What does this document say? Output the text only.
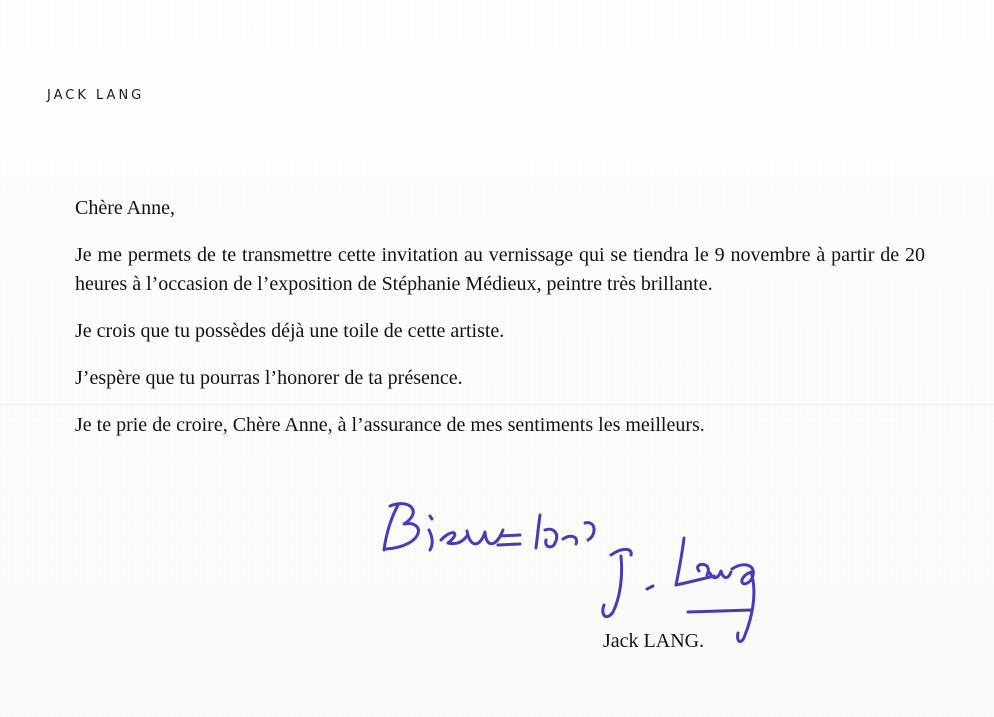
JACK LANG

Chère Anne,

Je me permets de te transmettre cette invitation au vernissage qui se tiendra le 9 novembre à partir de 20 heures à l’occasion de l’exposition de Stéphanie Médieux, peintre très brillante.

Je crois que tu possèdes déjà une toile de cette artiste.

J’espère que tu pourras l’honorer de ta présence.

Je te prie de croire, Chère Anne, à l’assurance de mes sentiments les meilleurs.

Jack LANG.
